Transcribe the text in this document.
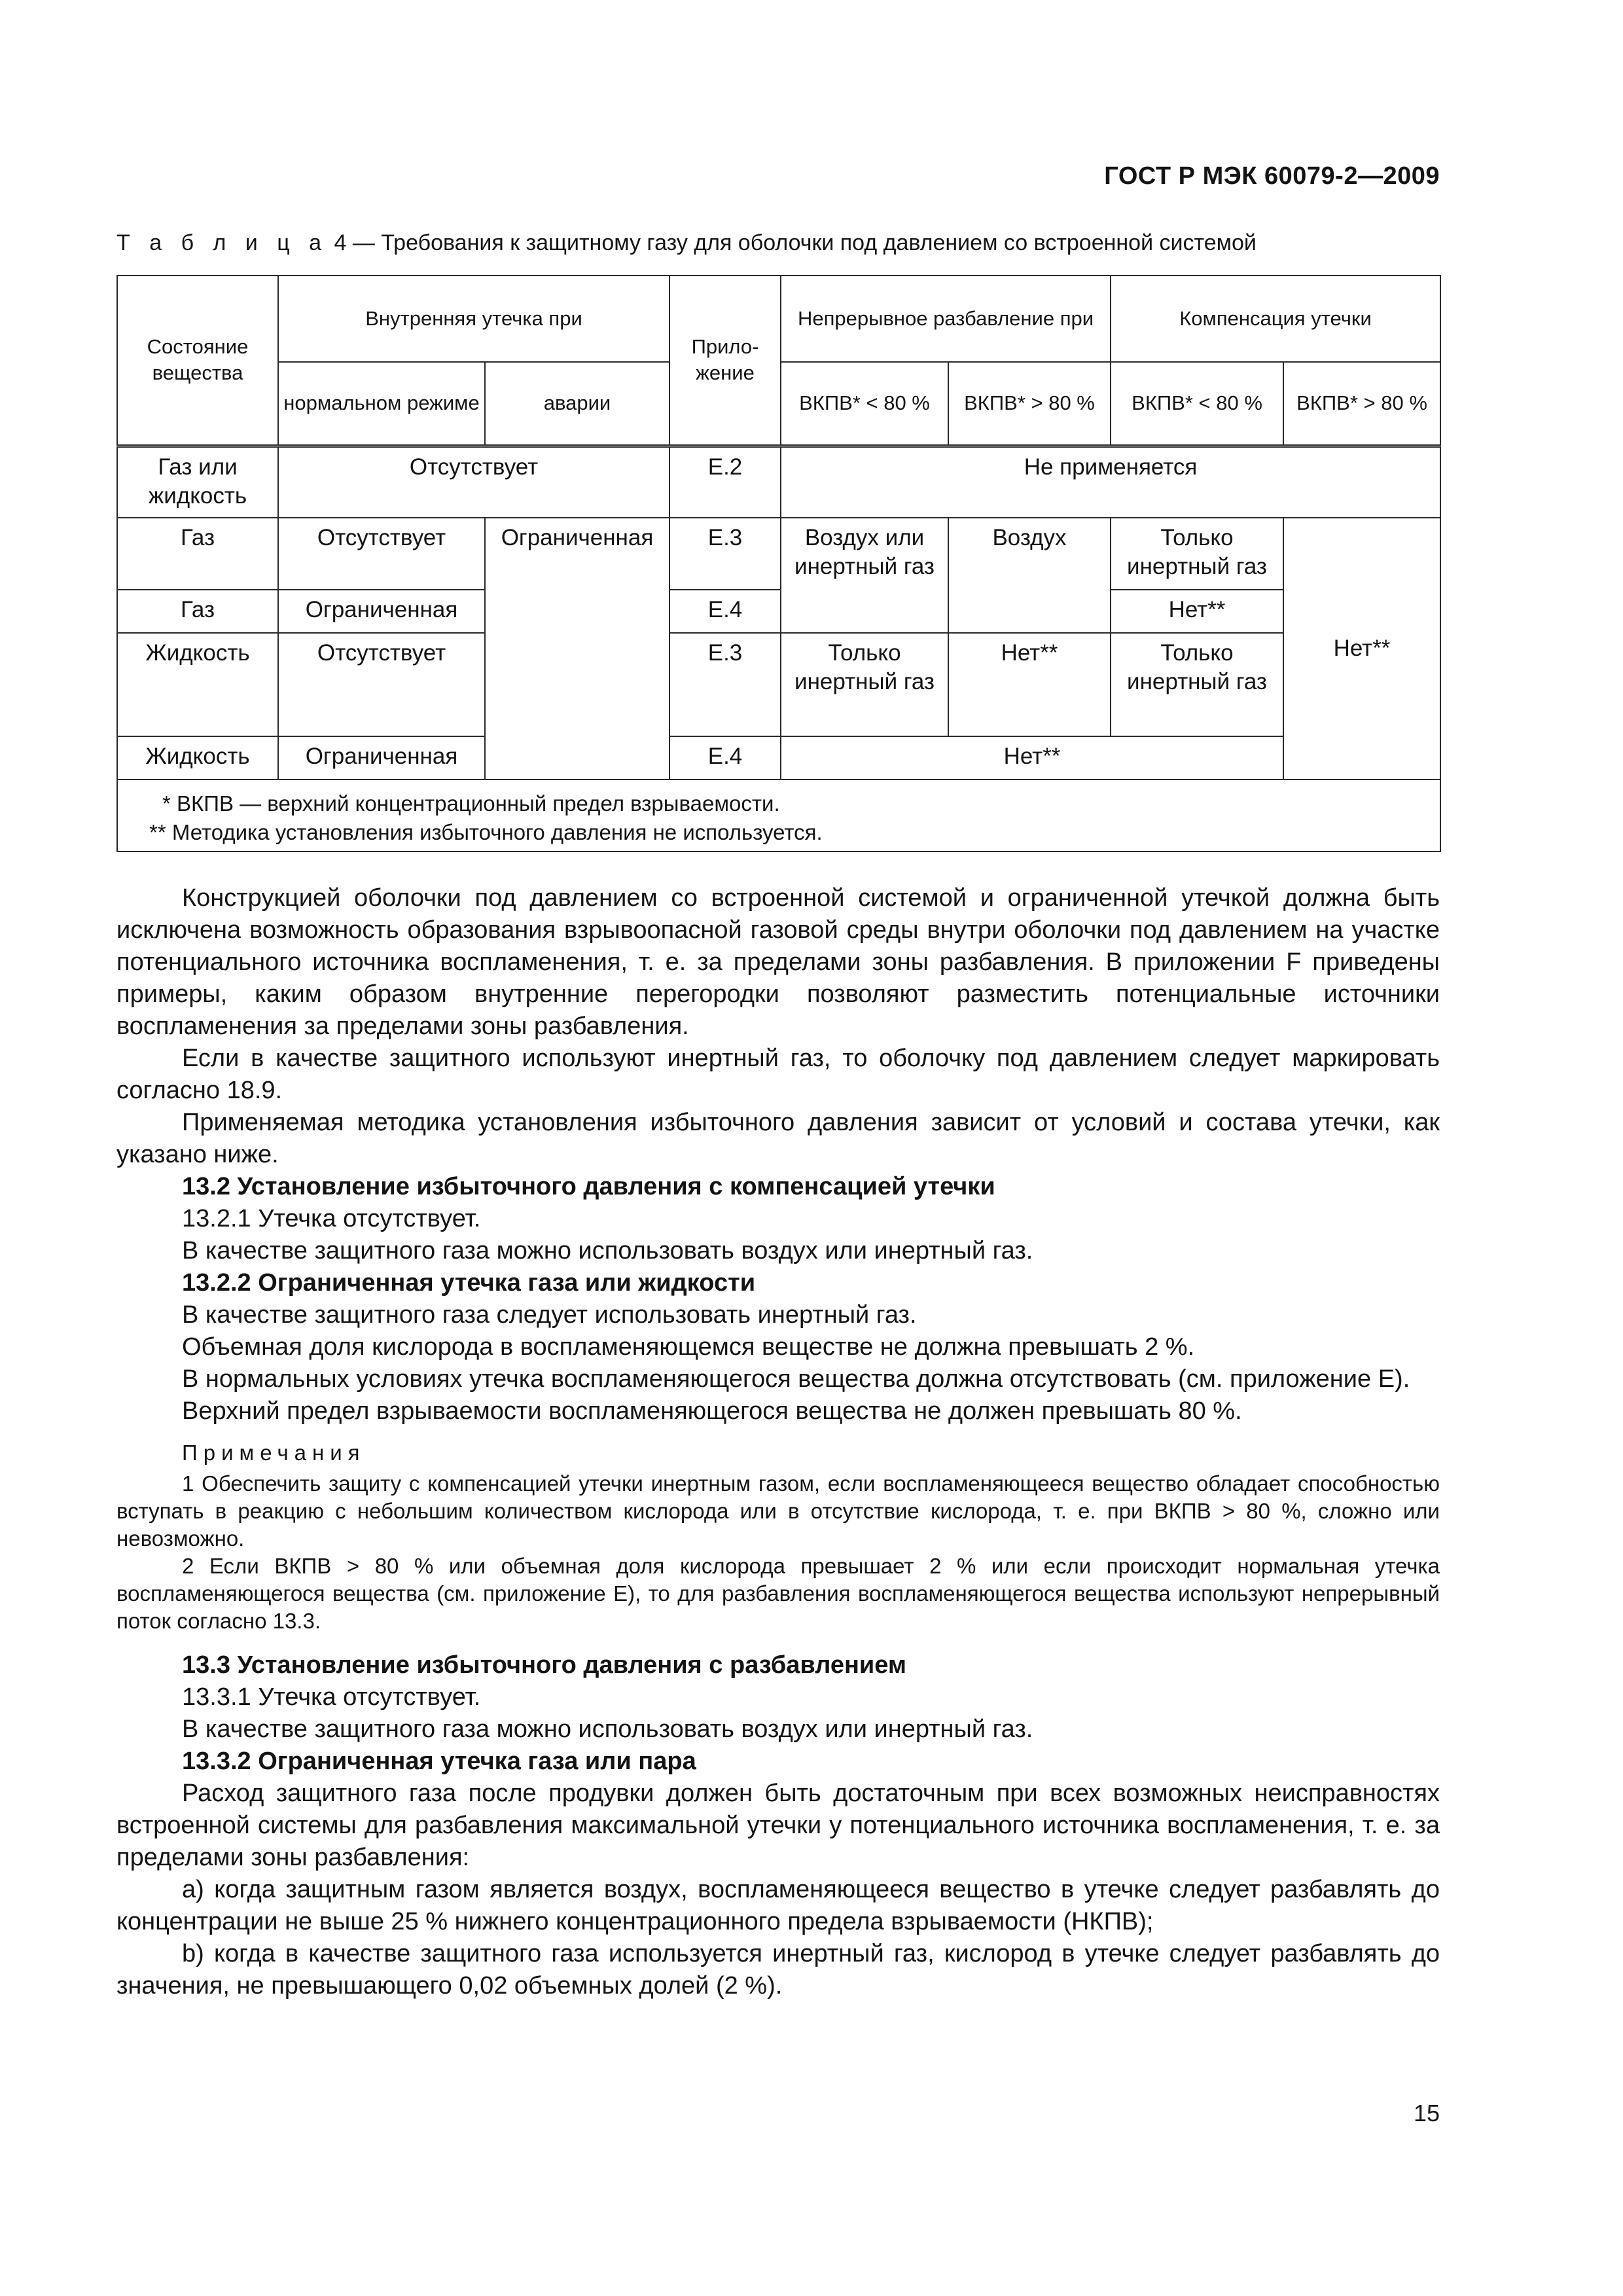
ГОСТ Р МЭК 60079-2—2009
Т а б л и ц а 4 — Требования к защитному газу для оболочки под давлением со встроенной системой
Состояние вещества	Внутренняя утечка при		Прило-жение	Непрерывное разбавление при		Компенсация утечки	
	нормальном режиме	аварии		ВКПВ* < 80 %	ВКПВ* > 80 %	ВКПВ* < 80 %	ВКПВ* > 80 %
Газ или жидкость	Отсутствует		Е.2	Не применяется			
Газ	Отсутствует	Ограниченная	Е.3	Воздух или инертный газ	Воздух	Только инертный газ	Нет**
Газ	Ограниченная		Е.4			Нет**	
Жидкость	Отсутствует		Е.3	Только инертный газ	Нет**	Только инертный газ	
Жидкость	Ограниченная		Е.4	Нет**			

* ВКПВ — верхний концентрационный предел взрываемости.
** Методика установления избыточного давления не используется.							

Конструкцией оболочки под давлением со встроенной системой и ограниченной утечкой должна быть исключена возможность образования взрывоопасной газовой среды внутри оболочки под давлением на участке потенциального источника воспламенения, т. е. за пределами зоны разбавления. В приложении F приведены примеры, каким образом внутренние перегородки позволяют разместить потенциальные источники воспламенения за пределами зоны разбавления.

Если в качестве защитного используют инертный газ, то оболочку под давлением следует маркировать согласно 18.9.

Применяемая методика установления избыточного давления зависит от условий и состава утечки, как указано ниже.

13.2 Установление избыточного давления с компенсацией утечки

13.2.1 Утечка отсутствует.

В качестве защитного газа можно использовать воздух или инертный газ.

13.2.2 Ограниченная утечка газа или жидкости

В качестве защитного газа следует использовать инертный газ.

Объемная доля кислорода в воспламеняющемся веществе не должна превышать 2 %.

В нормальных условиях утечка воспламеняющегося вещества должна отсутствовать (см. приложение Е).

Верхний предел взрываемости воспламеняющегося вещества не должен превышать 80 %.

Примечания

1 Обеспечить защиту с компенсацией утечки инертным газом, если воспламеняющееся вещество обладает способностью вступать в реакцию с небольшим количеством кислорода или в отсутствие кислорода, т. е. при ВКПВ > 80 %, сложно или невозможно.

2 Если ВКПВ > 80 % или объемная доля кислорода превышает 2 % или если происходит нормальная утечка воспламеняющегося вещества (см. приложение Е), то для разбавления воспламеняющегося вещества используют непрерывный поток согласно 13.3.

13.3 Установление избыточного давления с разбавлением

13.3.1 Утечка отсутствует.

В качестве защитного газа можно использовать воздух или инертный газ.

13.3.2 Ограниченная утечка газа или пара

Расход защитного газа после продувки должен быть достаточным при всех возможных неисправностях встроенной системы для разбавления максимальной утечки у потенциального источника воспламенения, т. е. за пределами зоны разбавления:

a) когда защитным газом является воздух, воспламеняющееся вещество в утечке следует разбавлять до концентрации не выше 25 % нижнего концентрационного предела взрываемости (НКПВ);

b) когда в качестве защитного газа используется инертный газ, кислород в утечке следует разбавлять до значения, не превышающего 0,02 объемных долей (2 %).

15
